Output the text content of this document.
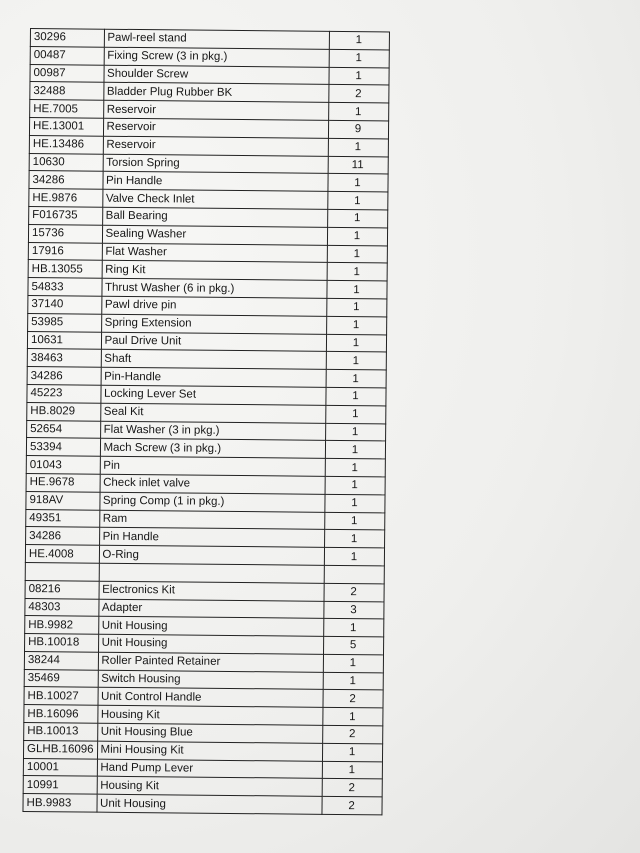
30296	Pawl-reel stand	1
00487	Fixing Screw (3 in pkg.)	1
00987	Shoulder Screw	1
32488	Bladder Plug Rubber BK	2
HE.7005	Reservoir	1
HE.13001	Reservoir	9
HE.13486	Reservoir	1
10630	Torsion Spring	11
34286	Pin Handle	1
HE.9876	Valve Check Inlet	1
F016735	Ball Bearing	1
15736	Sealing Washer	1
17916	Flat Washer	1
HB.13055	Ring Kit	1
54833	Thrust Washer (6 in pkg.)	1
37140	Pawl drive pin	1
53985	Spring Extension	1
10631	Paul Drive Unit	1
38463	Shaft	1
34286	Pin-Handle	1
45223	Locking Lever Set	1
HB.8029	Seal Kit	1
52654	Flat Washer (3 in pkg.)	1
53394	Mach Screw (3 in pkg.)	1
01043	Pin	1
HE.9678	Check inlet valve	1
918AV	Spring Comp (1 in pkg.)	1
49351	Ram	1
34286	Pin Handle	1
HE.4008	O-Ring	1

08216	Electronics Kit	2
48303	Adapter	3
HB.9982	Unit Housing	1
HB.10018	Unit Housing	5
38244	Roller Painted Retainer	1
35469	Switch Housing	1
HB.10027	Unit Control Handle	2
HB.16096	Housing Kit	1
HB.10013	Unit Housing Blue	2
GLHB.16096	Mini Housing Kit	1
10001	Hand Pump Lever	1
10991	Housing Kit	2
HB.9983	Unit Housing	2
